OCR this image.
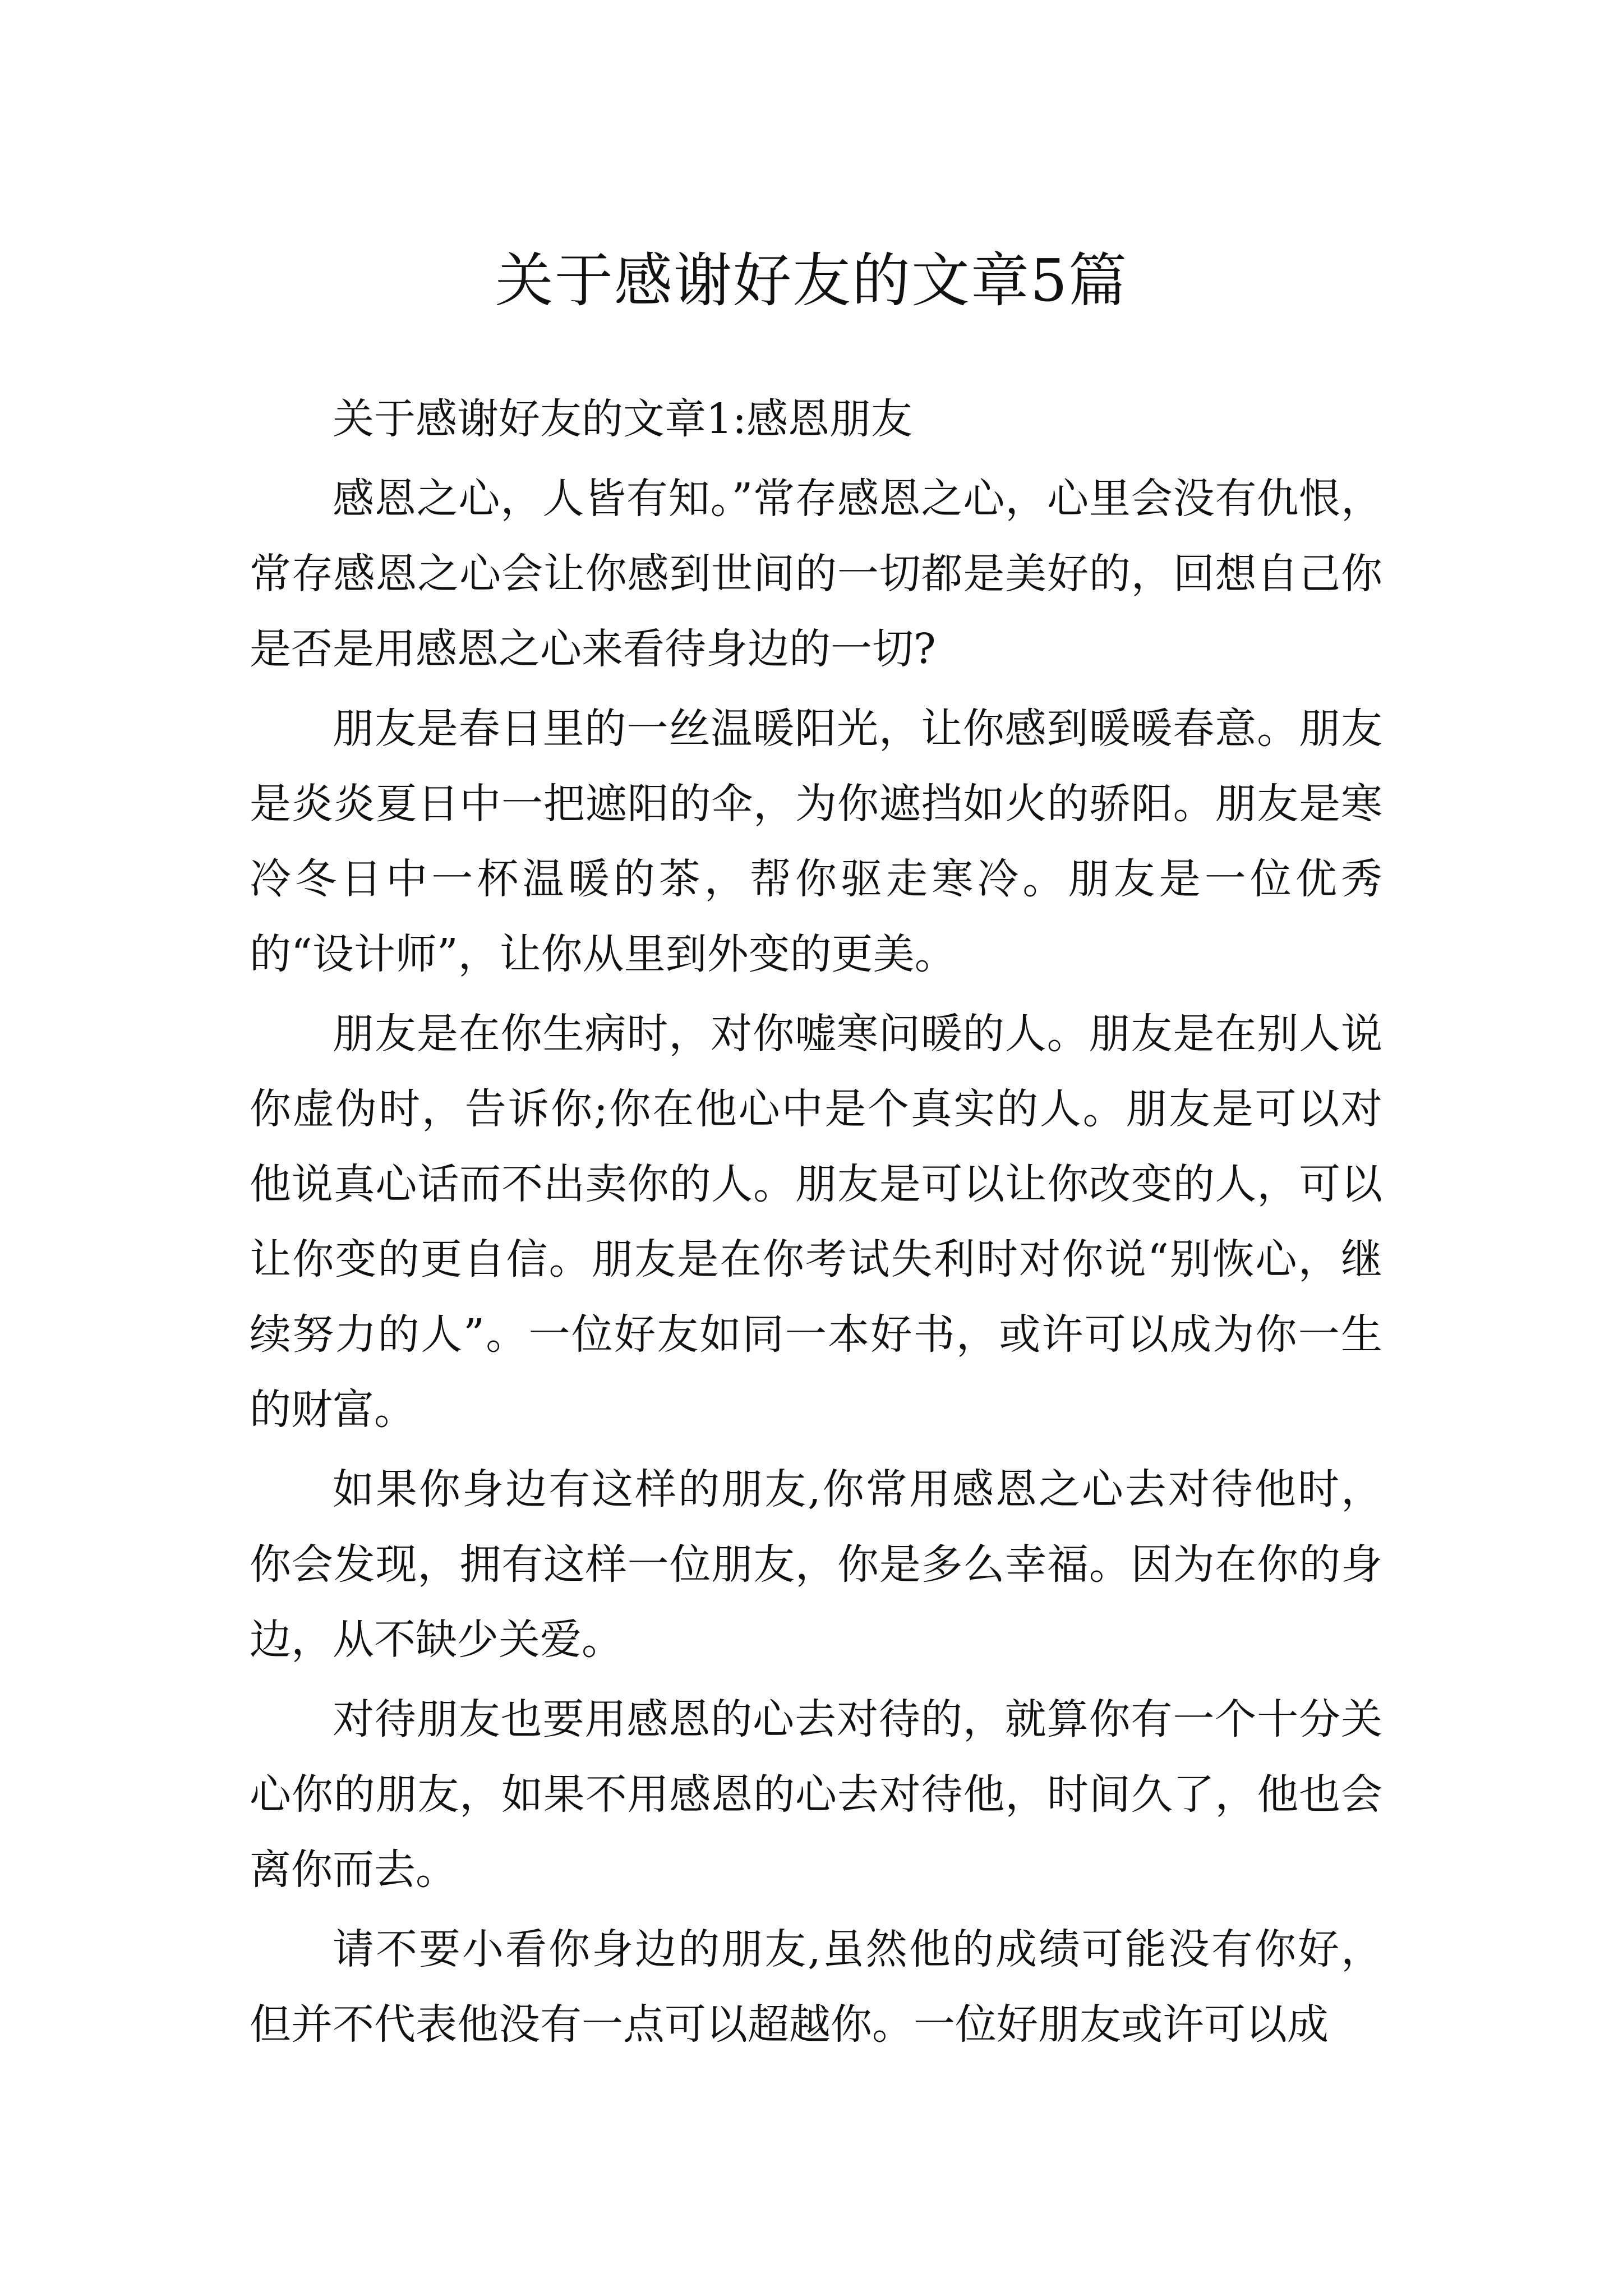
关于感谢好友的文章5篇

关于感谢好友的文章1:感恩朋友

感恩之心，人皆有知。”常存感恩之心，心里会没有仇恨，常存感恩之心会让你感到世间的一切都是美好的，回想自己你是否是用感恩之心来看待身边的一切?

朋友是春日里的一丝温暖阳光，让你感到暖暖春意。朋友是炎炎夏日中一把遮阳的伞，为你遮挡如火的骄阳。朋友是寒冷冬日中一杯温暖的茶，帮你驱走寒冷。朋友是一位优秀的“设计师”，让你从里到外变的更美。

朋友是在你生病时，对你嘘寒问暖的人。朋友是在别人说你虚伪时，告诉你;你在他心中是个真实的人。朋友是可以对他说真心话而不出卖你的人。朋友是可以让你改变的人，可以让你变的更自信。朋友是在你考试失利时对你说“别恢心，继续努力的人”。一位好友如同一本好书，或许可以成为你一生的财富。

如果你身边有这样的朋友,你常用感恩之心去对待他时，你会发现，拥有这样一位朋友，你是多么幸福。因为在你的身边，从不缺少关爱。

对待朋友也要用感恩的心去对待的，就算你有一个十分关心你的朋友，如果不用感恩的心去对待他，时间久了，他也会离你而去。

请不要小看你身边的朋友,虽然他的成绩可能没有你好，但并不代表他没有一点可以超越你。一位好朋友或许可以成
